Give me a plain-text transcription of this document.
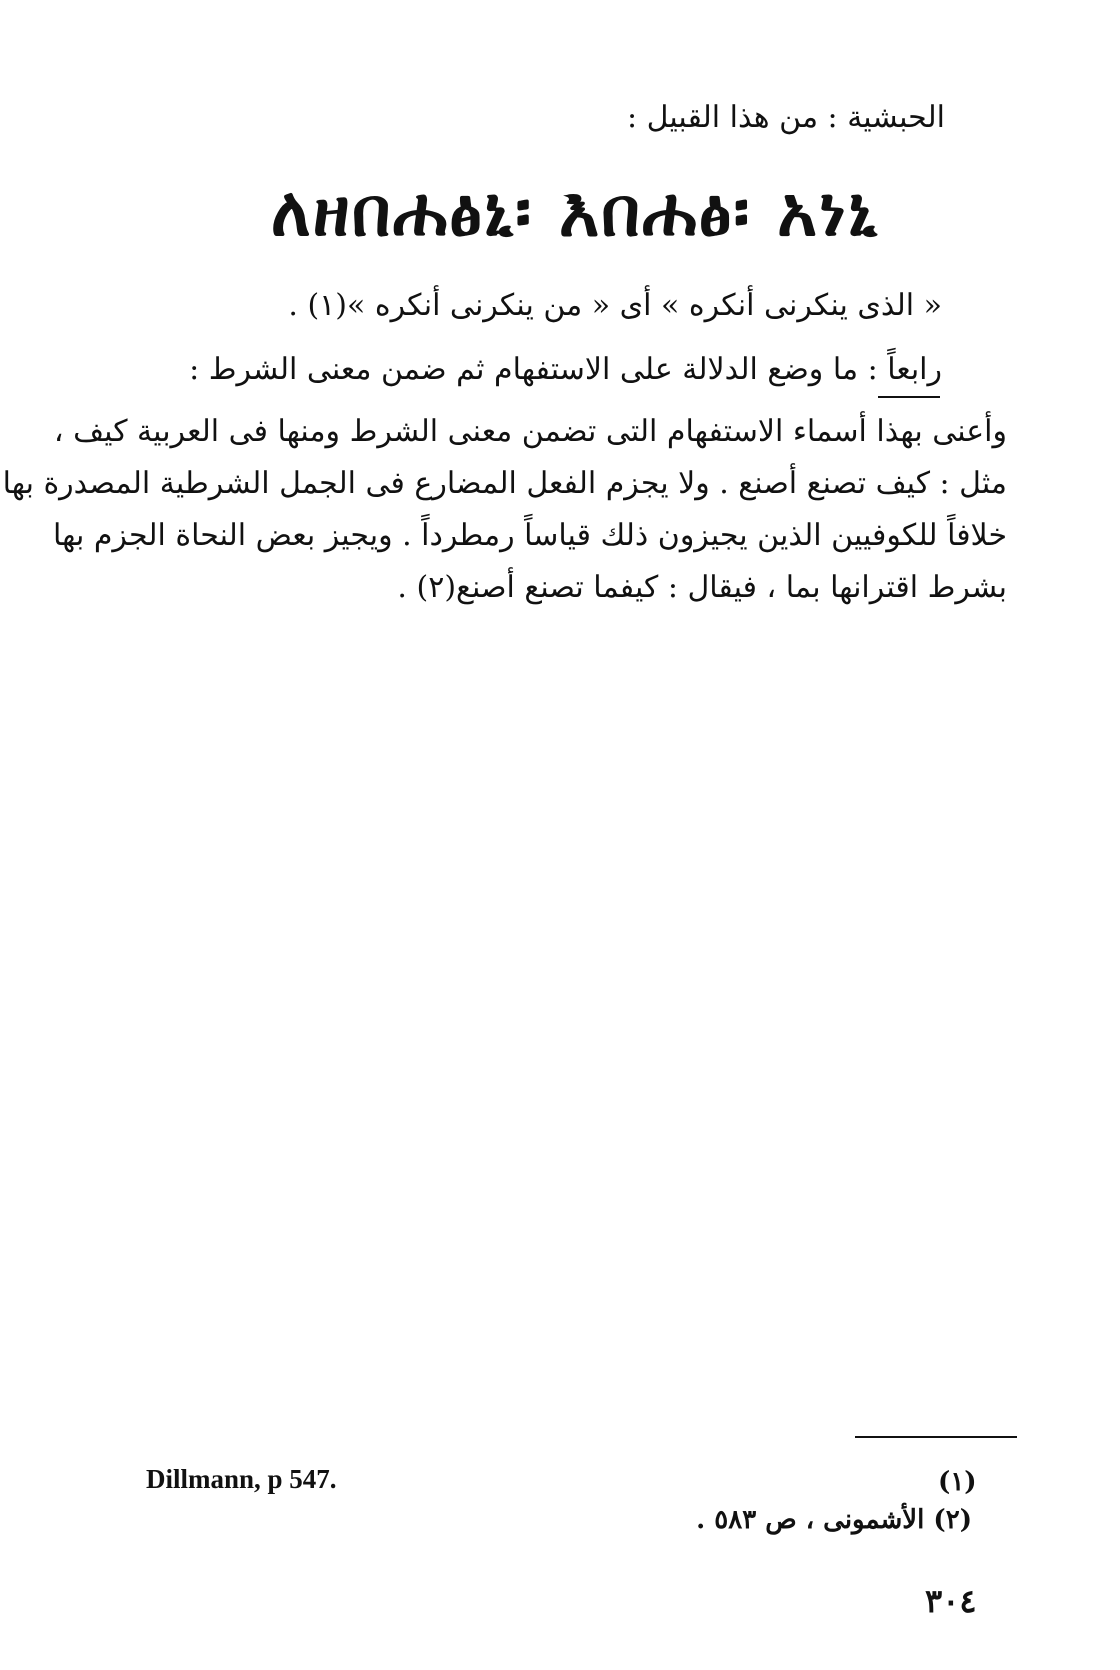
الحبشية : من هذا القبيل :
ለዘበሐፅኒ፡ እበሐፅ፡ አነኒ
« الذى ينكرنى أنكره » أى « من ينكرنى أنكره »(١) .
رابعاً : ما وضع الدلالة على الاستفهام ثم ضمن معنى الشرط :
وأعنى بهذا أسماء الاستفهام التى تضمن معنى الشرط ومنها فى العربية كيف ،
مثل : كيف تصنع أصنع . ولا يجزم الفعل المضارع فى الجمل الشرطية المصدرة بها
خلافاً للكوفيين الذين يجيزون ذلك قياساً رمطرداً . ويجيز بعض النحاة الجزم بها
بشرط اقترانها بما ، فيقال : كيفما تصنع أصنع(٢) .
Dillmann, p 547.	(١)
(٢) الأشمونى ، ص ٥٨٣ .
٣٠٤
